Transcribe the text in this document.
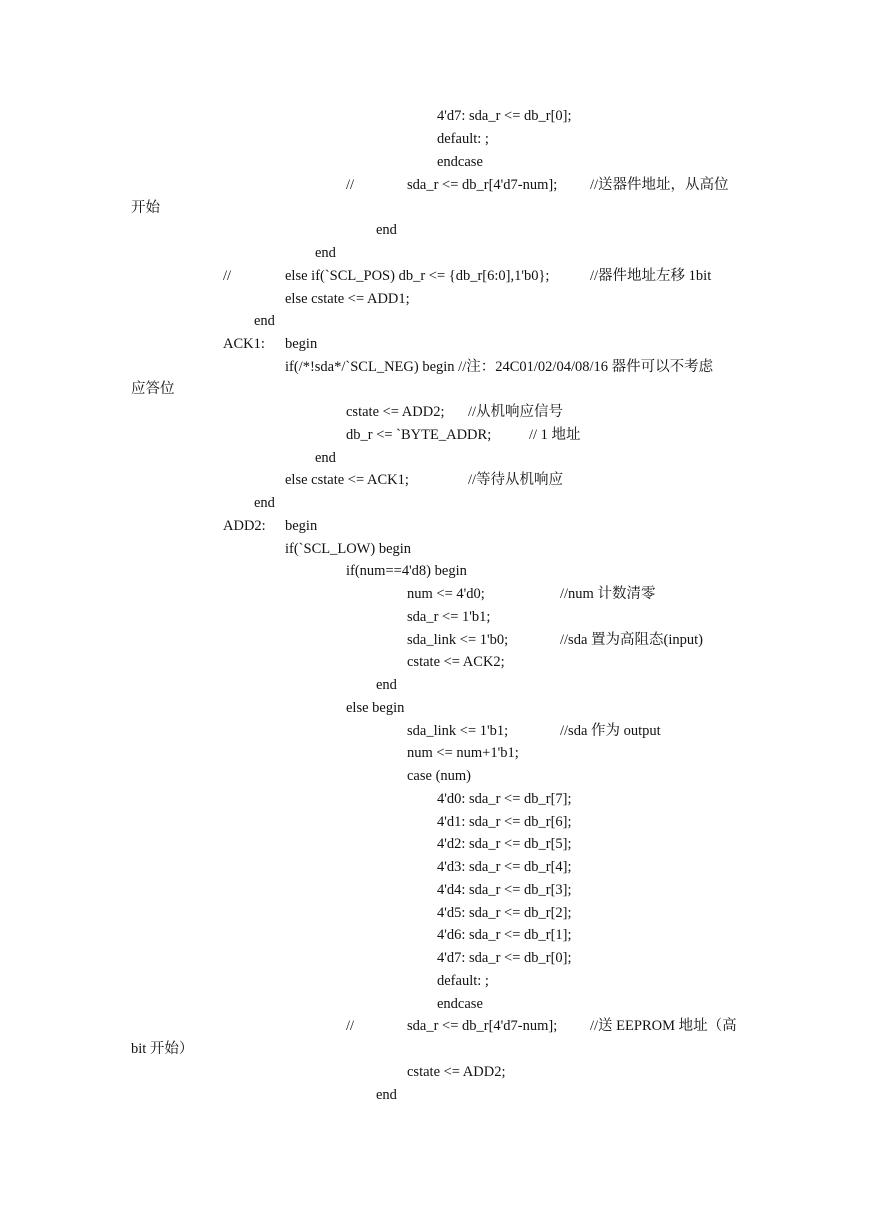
4'd7: sda_r <= db_r[0];
default: ;
endcase
//	sda_r <= db_r[4'd7-num]; //送器件地址，从高位
开始
end
end
//	else if(`SCL_POS) db_r <= {db_r[6:0],1'b0};	//器件地址左移 1bit
else cstate <= ADD1;
end
ACK1: begin
if(/*!sda*/`SCL_NEG) begin //注：24C01/02/04/08/16 器件可以不考虑
应答位
cstate <= ADD2; //从机响应信号
db_r <= `BYTE_ADDR;	// 1 地址
end
else cstate <= ACK1;	//等待从机响应
end
ADD2: begin
if(`SCL_LOW) begin
if(num==4'd8) begin
num <= 4'd0;	//num 计数清零
sda_r <= 1'b1;
sda_link <= 1'b0;	//sda 置为高阻态(input)
cstate <= ACK2;
end
else begin
sda_link <= 1'b1;	//sda 作为 output
num <= num+1'b1;
case (num)
4'd0: sda_r <= db_r[7];
4'd1: sda_r <= db_r[6];
4'd2: sda_r <= db_r[5];
4'd3: sda_r <= db_r[4];
4'd4: sda_r <= db_r[3];
4'd5: sda_r <= db_r[2];
4'd6: sda_r <= db_r[1];
4'd7: sda_r <= db_r[0];
default: ;
endcase
//	sda_r <= db_r[4'd7-num]; //送 EEPROM 地址（高
bit 开始）
cstate <= ADD2;
end
